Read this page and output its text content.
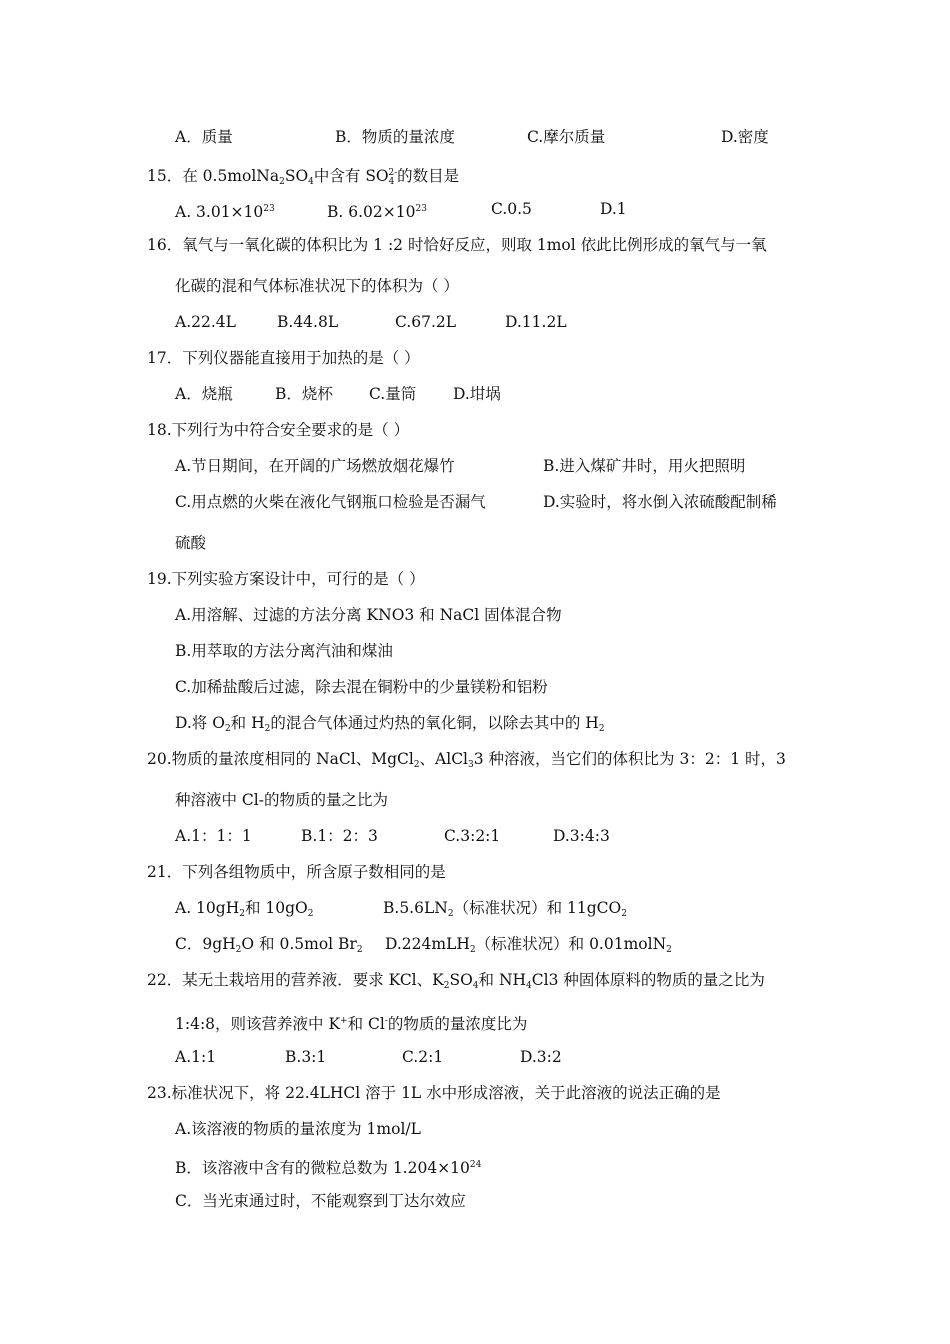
A．质量	B．物质的量浓度	C.摩尔质量	D.密度
15．在 $0.5molNa_2SO_4$中含有 $SO_4^{2-}$的数目是
A. $3.01\times 10^{23}$	B. $6.02\times 10^{23}$	C.0.5	D.1
16．氧气与一氧化碳的体积比为 1 :2 时恰好反应，则取 1mol 依此比例形成的氧气与一氧
化碳的混和气体标准状况下的体积为（ ）
A.22.4L	B.44.8L	C.67.2L	D.11.2L
17．下列仪器能直接用于加热的是（ ）
A．烧瓶	B．烧杯 C.量筒 D.坩埚
18.下列行为中符合安全要求的是（ ）
A.节日期间，在开阔的广场燃放烟花爆竹	B.进入煤矿井时，用火把照明
C.用点燃的火柴在液化气钢瓶口检验是否漏气	D.实验时，将水倒入浓硫酸配制稀
硫酸
19.下列实验方案设计中，可行的是（ ）
A.用溶解、过滤的方法分离 KNO3 和 NaCl 固体混合物
B.用萃取的方法分离汽油和煤油
C.加稀盐酸后过滤，除去混在铜粉中的少量镁粉和铝粉
D.将 $O_2$和 $H_2$的混合气体通过灼热的氧化铜，以除去其中的 $H_2$
20.物质的量浓度相同的 NaCl、MgCl$_2$、AlCl$_3$3 种溶液，当它们的体积比为 3：2：1 时，3
种溶液中 Cl-的物质的量之比为
A.1：1：1	B.1：2：3	C.3:2:1	D.3:4:3
21．下列各组物质中，所含原子数相同的是
A. $10gH_2$和 $10gO_2$	$B.5.6LN_2$（标准状况）和 11gCO$_2$
C．$9gH_2O$ 和 0.5mol $Br_2$ D.224mLH$_2$（标准状况）和 0.01molN$_2$
22．某无土栽培用的营养液．要求 KCl、$K_2SO_4$和 $NH_4Cl3$ 种固体原料的物质的量之比为
1:4:8，则该营养液中 K+和 Cl-的物质的量浓度比为
A.1:1	B.3:1	C.2:1	D.3:2
23.标准状况下，将 22.4LHCl 溶于 1L 水中形成溶液，关于此溶液的说法正确的是
A.该溶液的物质的量浓度为 1mol/L
B．该溶液中含有的微粒总数为 $1.204\times 10^{24}$
C．当光束通过时，不能观察到丁达尔效应
